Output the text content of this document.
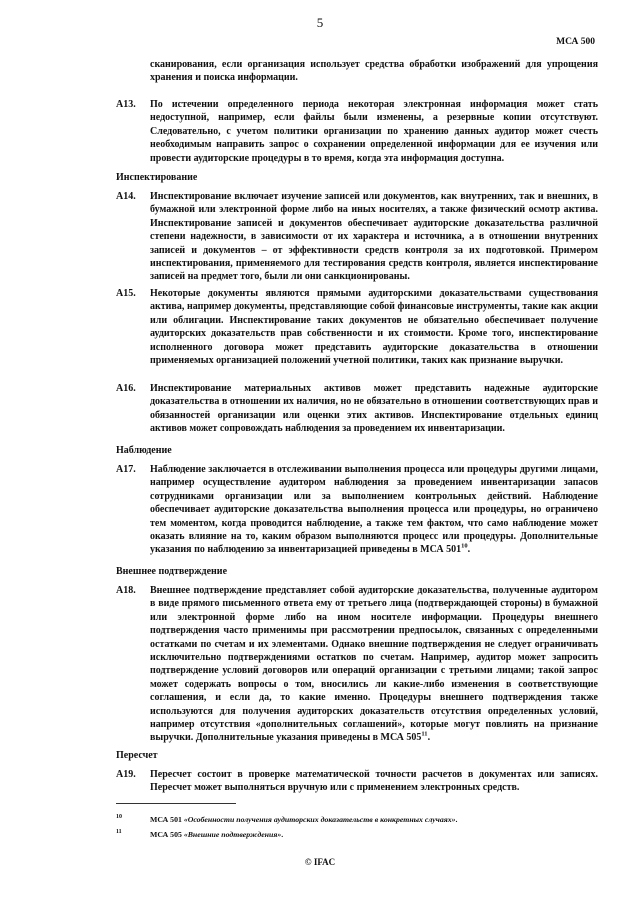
5
МСА 500
сканирования, если организация использует средства обработки изображений для упрощения хранения и поиска информации.
A13.	По истечении определенного периода некоторая электронная информация может стать недоступной, например, если файлы были изменены, а резервные копии отсутствуют. Следовательно, с учетом политики организации по хранению данных аудитор может счесть необходимым направить запрос о сохранении определенной информации для ее изучения или провести аудиторские процедуры в то время, когда эта информация доступна.
Инспектирование
A14.	Инспектирование включает изучение записей или документов, как внутренних, так и внешних, в бумажной или электронной форме либо на иных носителях, а также физический осмотр актива. Инспектирование записей и документов обеспечивает аудиторские доказательства различной степени надежности, в зависимости от их характера и источника, а в отношении внутренних записей и документов – от эффективности средств контроля за их подготовкой. Примером инспектирования, применяемого для тестирования средств контроля, является инспектирование записей на предмет того, были ли они санкционированы.
A15.	Некоторые документы являются прямыми аудиторскими доказательствами существования актива, например документы, представляющие собой финансовые инструменты, такие как акции или облигации. Инспектирование таких документов не обязательно обеспечивает получение аудиторских доказательств прав собственности и их стоимости. Кроме того, инспектирование исполненного договора может представить аудиторские доказательства в отношении применяемых организацией положений учетной политики, таких как признание выручки.
A16.	Инспектирование материальных активов может представить надежные аудиторские доказательства в отношении их наличия, но не обязательно в отношении соответствующих прав и обязанностей организации или оценки этих активов. Инспектирование отдельных единиц активов может сопровождать наблюдения за проведением их инвентаризации.
Наблюдение
A17.	Наблюдение заключается в отслеживании выполнения процесса или процедуры другими лицами, например осуществление аудитором наблюдения за проведением инвентаризации запасов сотрудниками организации или за выполнением контрольных действий. Наблюдение обеспечивает аудиторские доказательства выполнения процесса или процедуры, но ограничено тем моментом, когда проводится наблюдение, а также тем фактом, что само наблюдение может оказать влияние на то, каким образом выполняются процесс или процедуры. Дополнительные указания по наблюдению за инвентаризацией приведены в МСА $501^{10}$.
Внешнее подтверждение
A18.	Внешнее подтверждение представляет собой аудиторские доказательства, полученные аудитором в виде прямого письменного ответа ему от третьего лица (подтверждающей стороны) в бумажной или электронной форме либо на ином носителе информации. Процедуры внешнего подтверждения часто применимы при рассмотрении предпосылок, связанных с определенными остатками по счетам и их элементами. Однако внешние подтверждения не следует ограничивать исключительно подтверждениями остатков по счетам. Например, аудитор может запросить подтверждение условий договоров или операций организации с третьими лицами; такой запрос может содержать вопросы о том, вносились ли какие-либо изменения в соответствующие соглашения, и если да, то какие именно. Процедуры внешнего подтверждения также используются для получения аудиторских доказательств отсутствия определенных условий, например отсутствия «дополнительных соглашений», которые могут повлиять на признание выручки. Дополнительные указания приведены в МСА $505^{11}$.
Пересчет
A19.	Пересчет состоит в проверке математической точности расчетов в документах или записях. Пересчет может выполняться вручную или с применением электронных средств.
10	МСА 501 «Особенности получения аудиторских доказательств в конкретных случаях».
11	МСА 505 «Внешние подтверждения».
© IFAC
